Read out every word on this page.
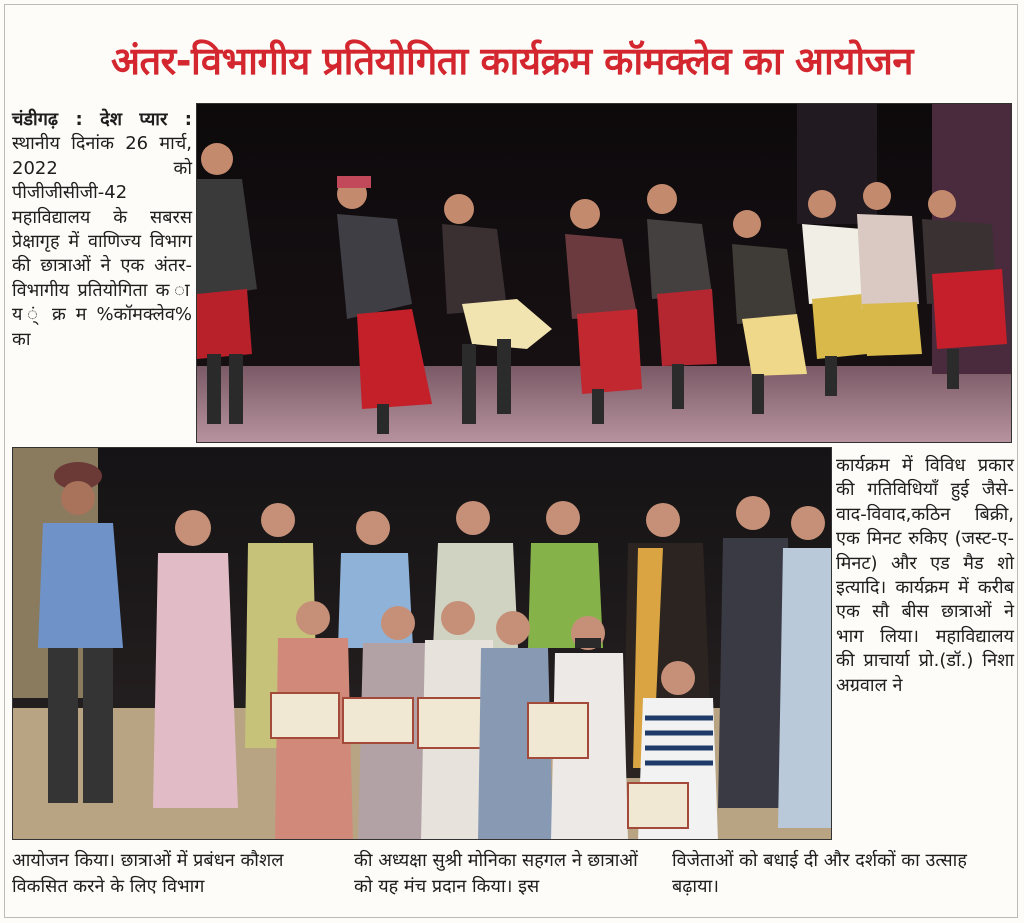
अंतर-विभागीय प्रतियोगिता कार्यक्रम कॉमक्लेव का आयोजन
चंडीगढ़ : देश प्यार : स्थानीय दिनांक 26 मार्च, 2022 को पीजीजीसीजी-42 महाविद्यालय के सबरस प्रेक्षागृह में वाणिज्य विभाग की छात्राओं ने एक अंतर-विभागीय प्रतियोगिता क ा य ्ं क्र म %कॉमक्लेव% का
कार्यक्रम में विविध प्रकार की गतिविधियाँ हुई जैसे-वाद-विवाद,कठिन बिक्री, एक मिनट रुकिए (जस्ट-ए-मिनट) और एड मैड शो इत्यादि। कार्यक्रम में करीब एक सौ बीस छात्राओं ने भाग लिया। महाविद्यालय की प्राचार्या प्रो.(डॉ.) निशा अग्रवाल ने
आयोजन किया। छात्राओं में प्रबंधन कौशल विकसित करने के लिए विभाग
की अध्यक्षा सुश्री मोनिका सहगल ने छात्राओं को यह मंच प्रदान किया। इस
विजेताओं को बधाई दी और दर्शकों का उत्साह बढ़ाया।
